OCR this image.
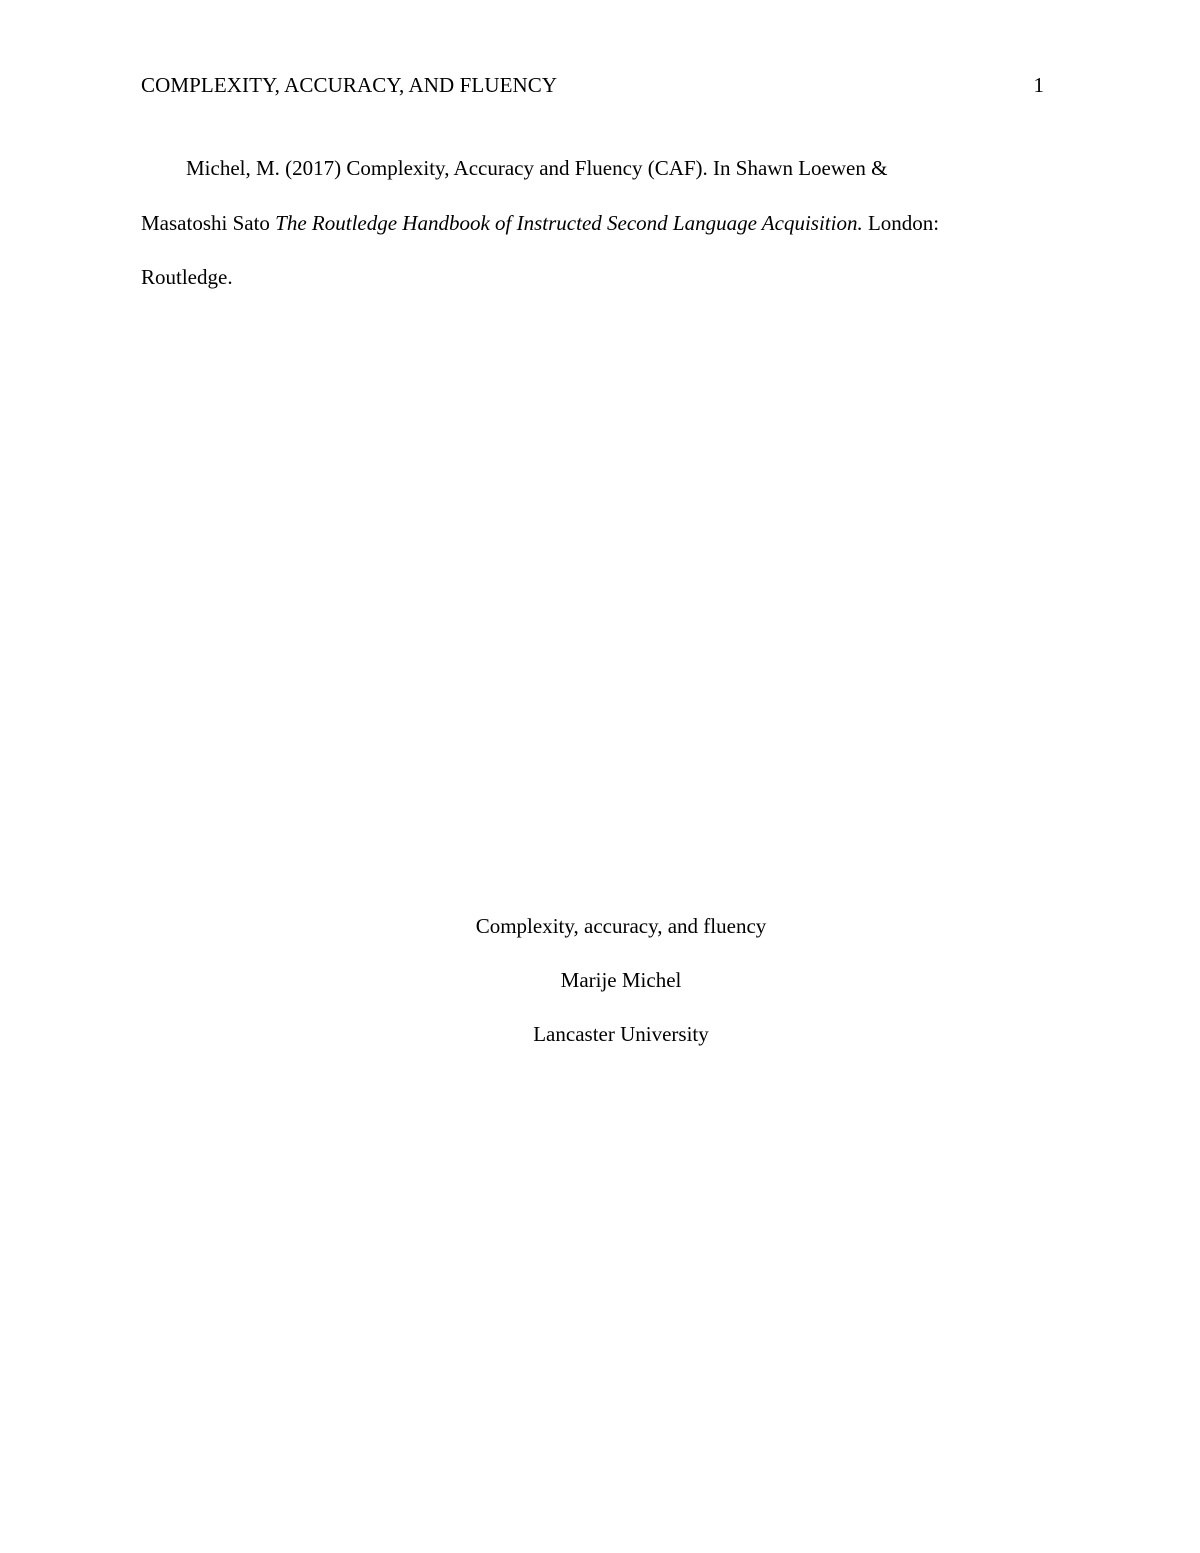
COMPLEXITY, ACCURACY, AND FLUENCY	1
Michel, M. (2017) Complexity, Accuracy and Fluency (CAF). In Shawn Loewen &
Masatoshi Sato The Routledge Handbook of Instructed Second Language Acquisition. London:
Routledge.
Complexity, accuracy, and fluency
Marije Michel
Lancaster University
